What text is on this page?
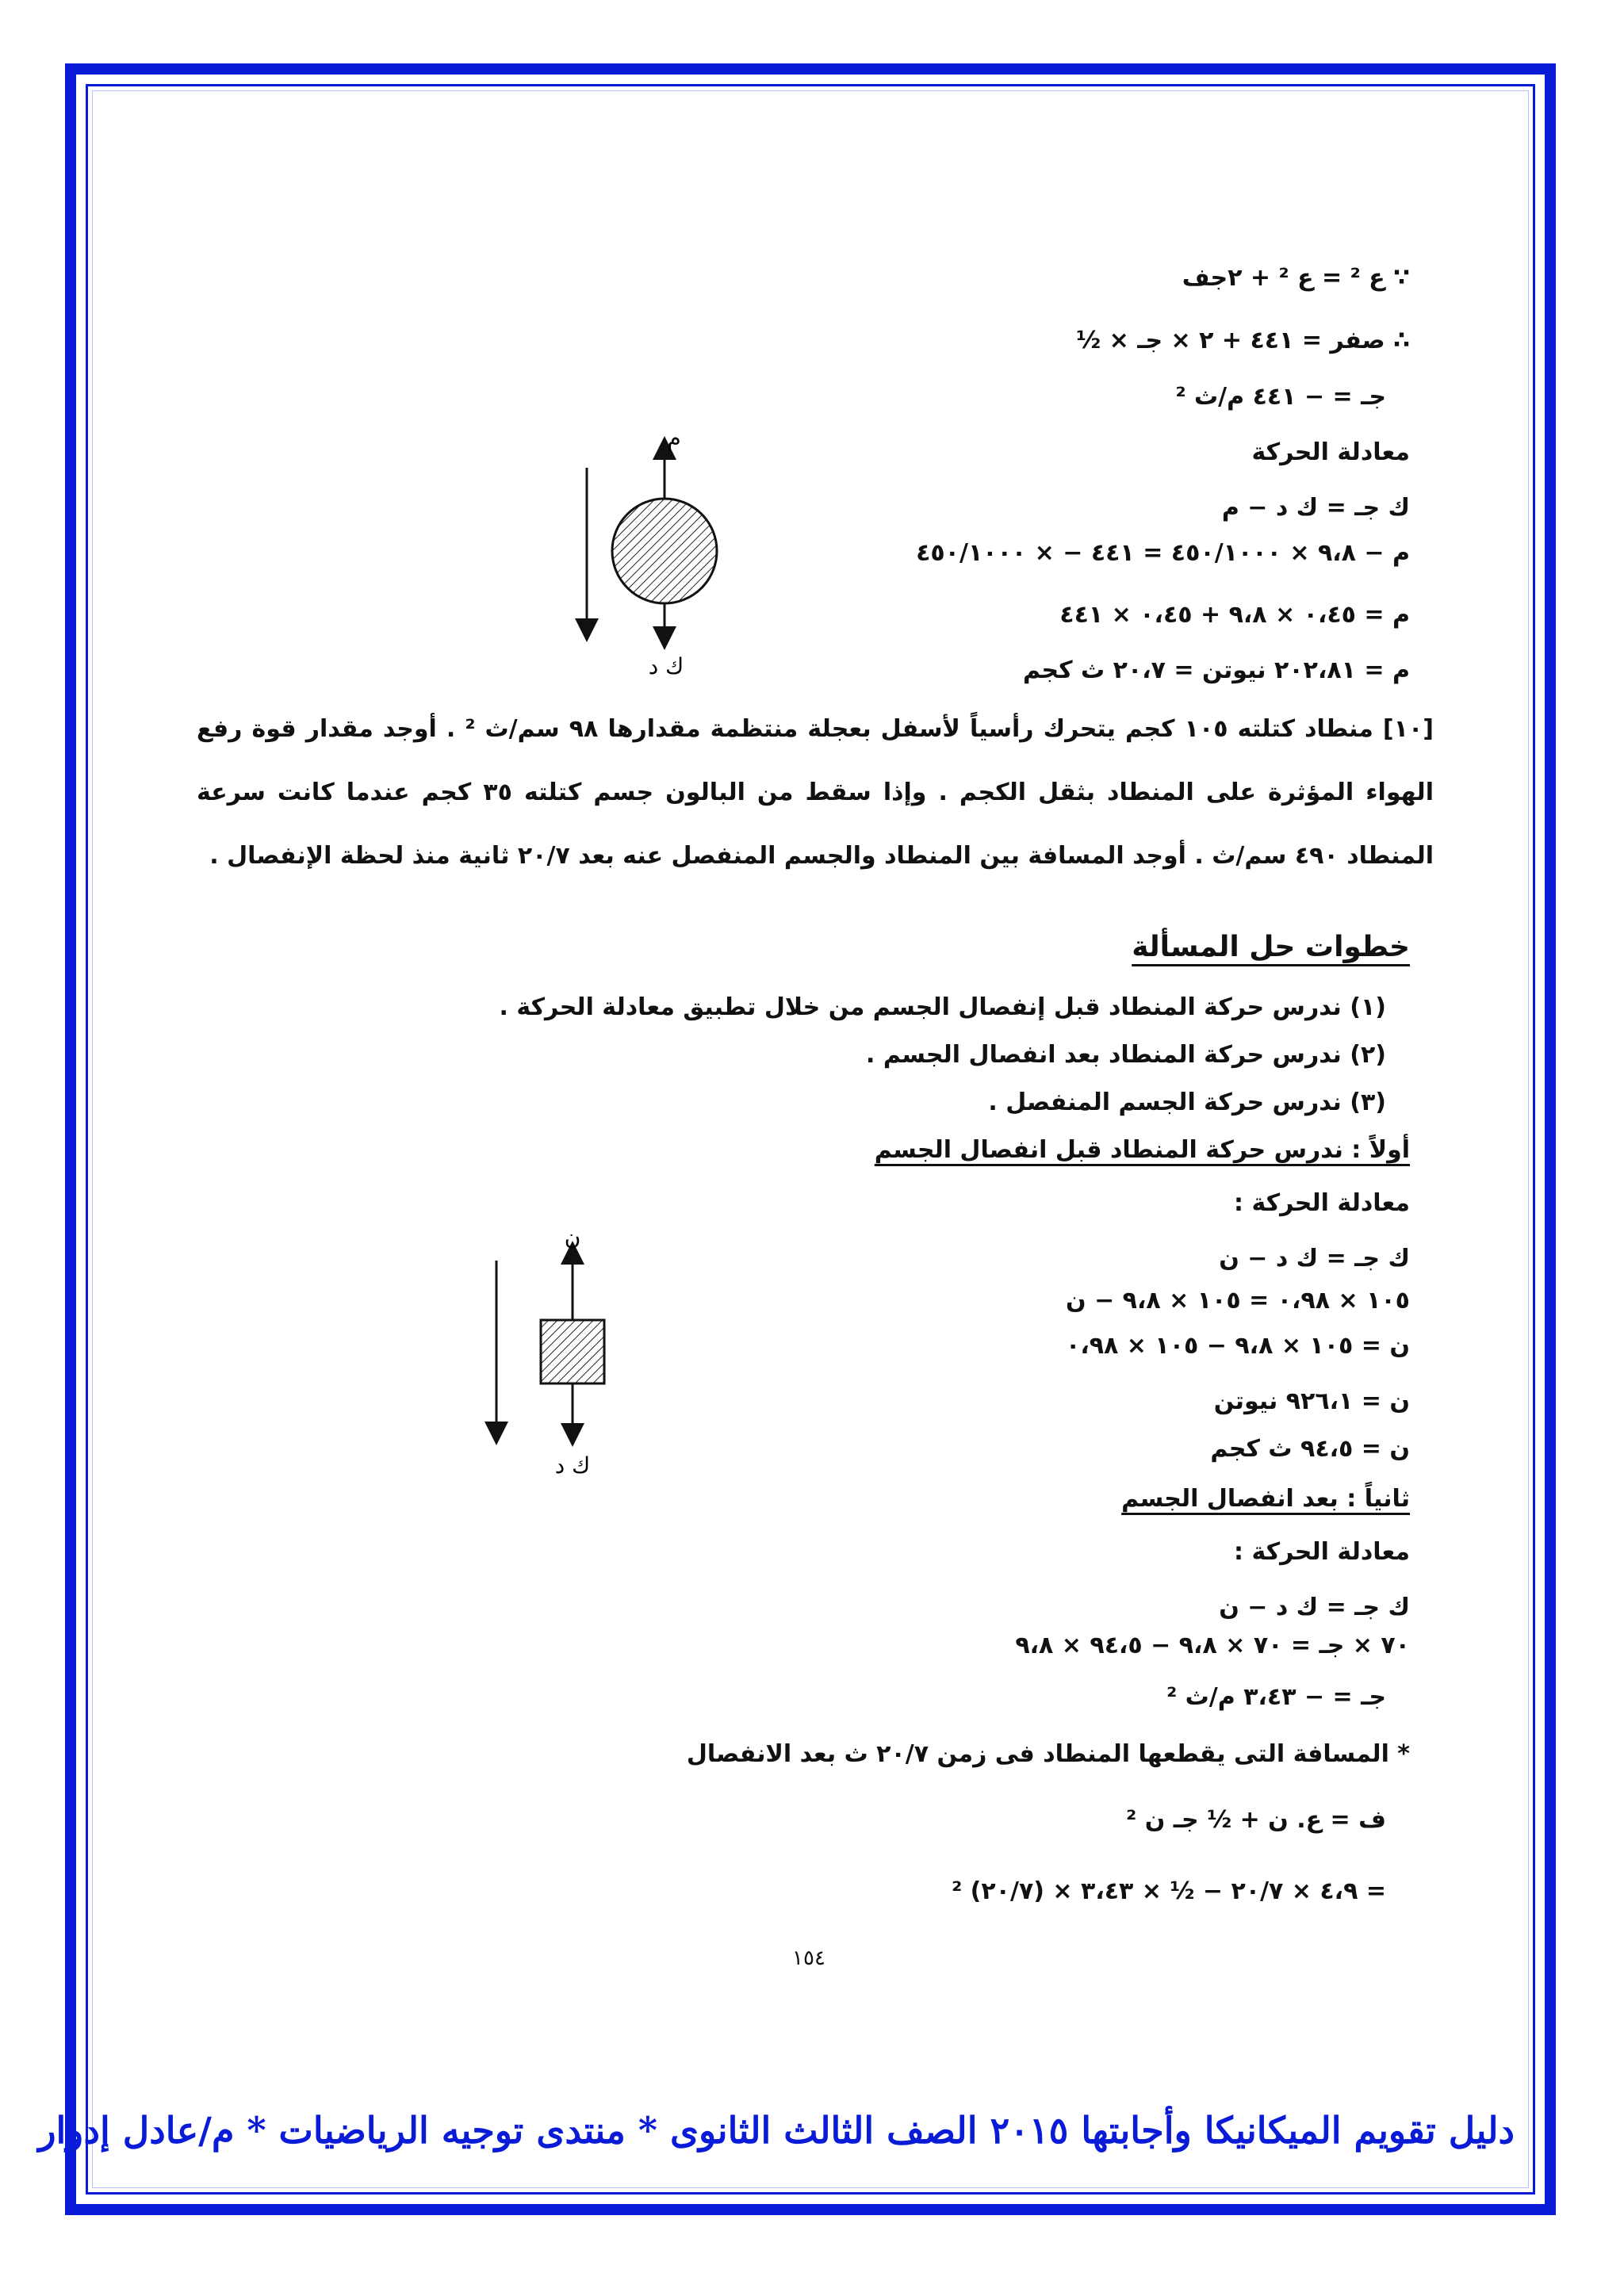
∵ ع ² = ع ² + ٢جف
∴ صفر = ٤٤١ + ٢ × جـ × ½
جـ = − ٤٤١ م/ث ²
معادلة الحركة
ك جـ = ك د − م
م − ٩،٨ × ٤٥٠/١٠٠٠ = ٤٤١ − × ٤٥٠/١٠٠٠
م = ٠،٤٥ × ٩،٨ + ٠،٤٥ × ٤٤١
م = ٢٠٢،٨١ نيوتن = ٢٠،٧ ث كجم
م
ك د
[١٠] منطاد كتلته ١٠٥ كجم يتحرك رأسياً لأسفل بعجلة منتظمة مقدارها ٩٨ سم/ث ² . أوجد مقدار قوة رفع الهواء المؤثرة على المنطاد بثقل الكجم . وإذا سقط من البالون جسم كتلته ٣٥ كجم عندما كانت سرعة المنطاد ٤٩٠ سم/ث . أوجد المسافة بين المنطاد والجسم المنفصل عنه بعد ٢٠/٧ ثانية منذ لحظة الإنفصال .
خطوات حل المسألة
(١) ندرس حركة المنطاد قبل إنفصال الجسم من خلال تطبيق معادلة الحركة .
(٢) ندرس حركة المنطاد بعد انفصال الجسم .
(٣) ندرس حركة الجسم المنفصل .
أولاً : ندرس حركة المنطاد قبل انفصال الجسم
معادلة الحركة :
ك جـ = ك د − ن
١٠٥ × ٠،٩٨ = ١٠٥ × ٩،٨ − ن
ن = ١٠٥ × ٩،٨ − ١٠٥ × ٠،٩٨
ن = ٩٢٦،١ نيوتن
ن = ٩٤،٥ ث كجم
ن
ك د
ثانياً : بعد انفصال الجسم
معادلة الحركة :
ك جـ = ك د − ن
٧٠ × جـ = ٧٠ × ٩،٨ − ٩٤،٥ × ٩،٨
جـ = − ٣،٤٣ م/ث ²
* المسافة التى يقطعها المنطاد فى زمن ٢٠/٧ ث بعد الانفصال
ف = ع. ن + ½ جـ ن ²
= ٤،٩ × ٢٠/٧ − ½ × ٣،٤٣ × (٢٠/٧) ²
١٥٤
دليل تقويم الميكانيكا وأجابتها ٢٠١٥ الصف الثالث الثانوى * منتدى توجيه الرياضيات * م/عادل إدوار
